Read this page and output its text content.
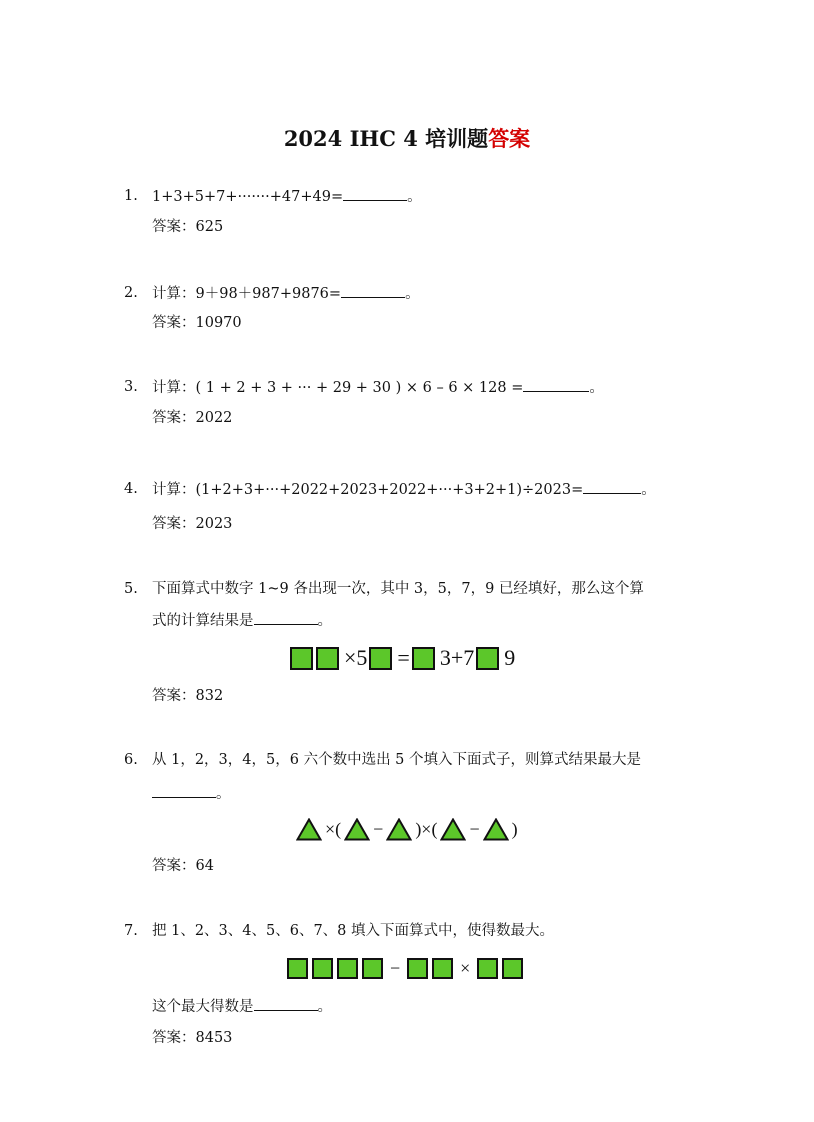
2024 IHC 4 培训题答案
1. 1+3+5+7+·······+47+49=	。
答案：625
2. 计算：9＋98＋987+9876=	。
答案：10970
3. 计算：( 1 + 2 + 3 + ··· + 29 + 30 ) × 6 – 6 × 128 =	。
答案：2022
4. 计算：(1+2+3+···+2022+2023+2022+···+3+2+1)÷2023=	。
答案：2023
5. 下面算式中数字 1~9 各出现一次，其中 3，5，7，9 已经填好，那么这个算
式的计算结果是	。
×5 = 3+7 9
答案：832
6. 从 1，2，3，4，5，6 六个数中选出 5 个填入下面式子，则算式结果最大是
。
×( − )×( − )
答案：64
7. 把 1、2、3、4、5、6、7、8 填入下面算式中，使得数最大。
−	×
这个最大得数是	。
答案：8453
